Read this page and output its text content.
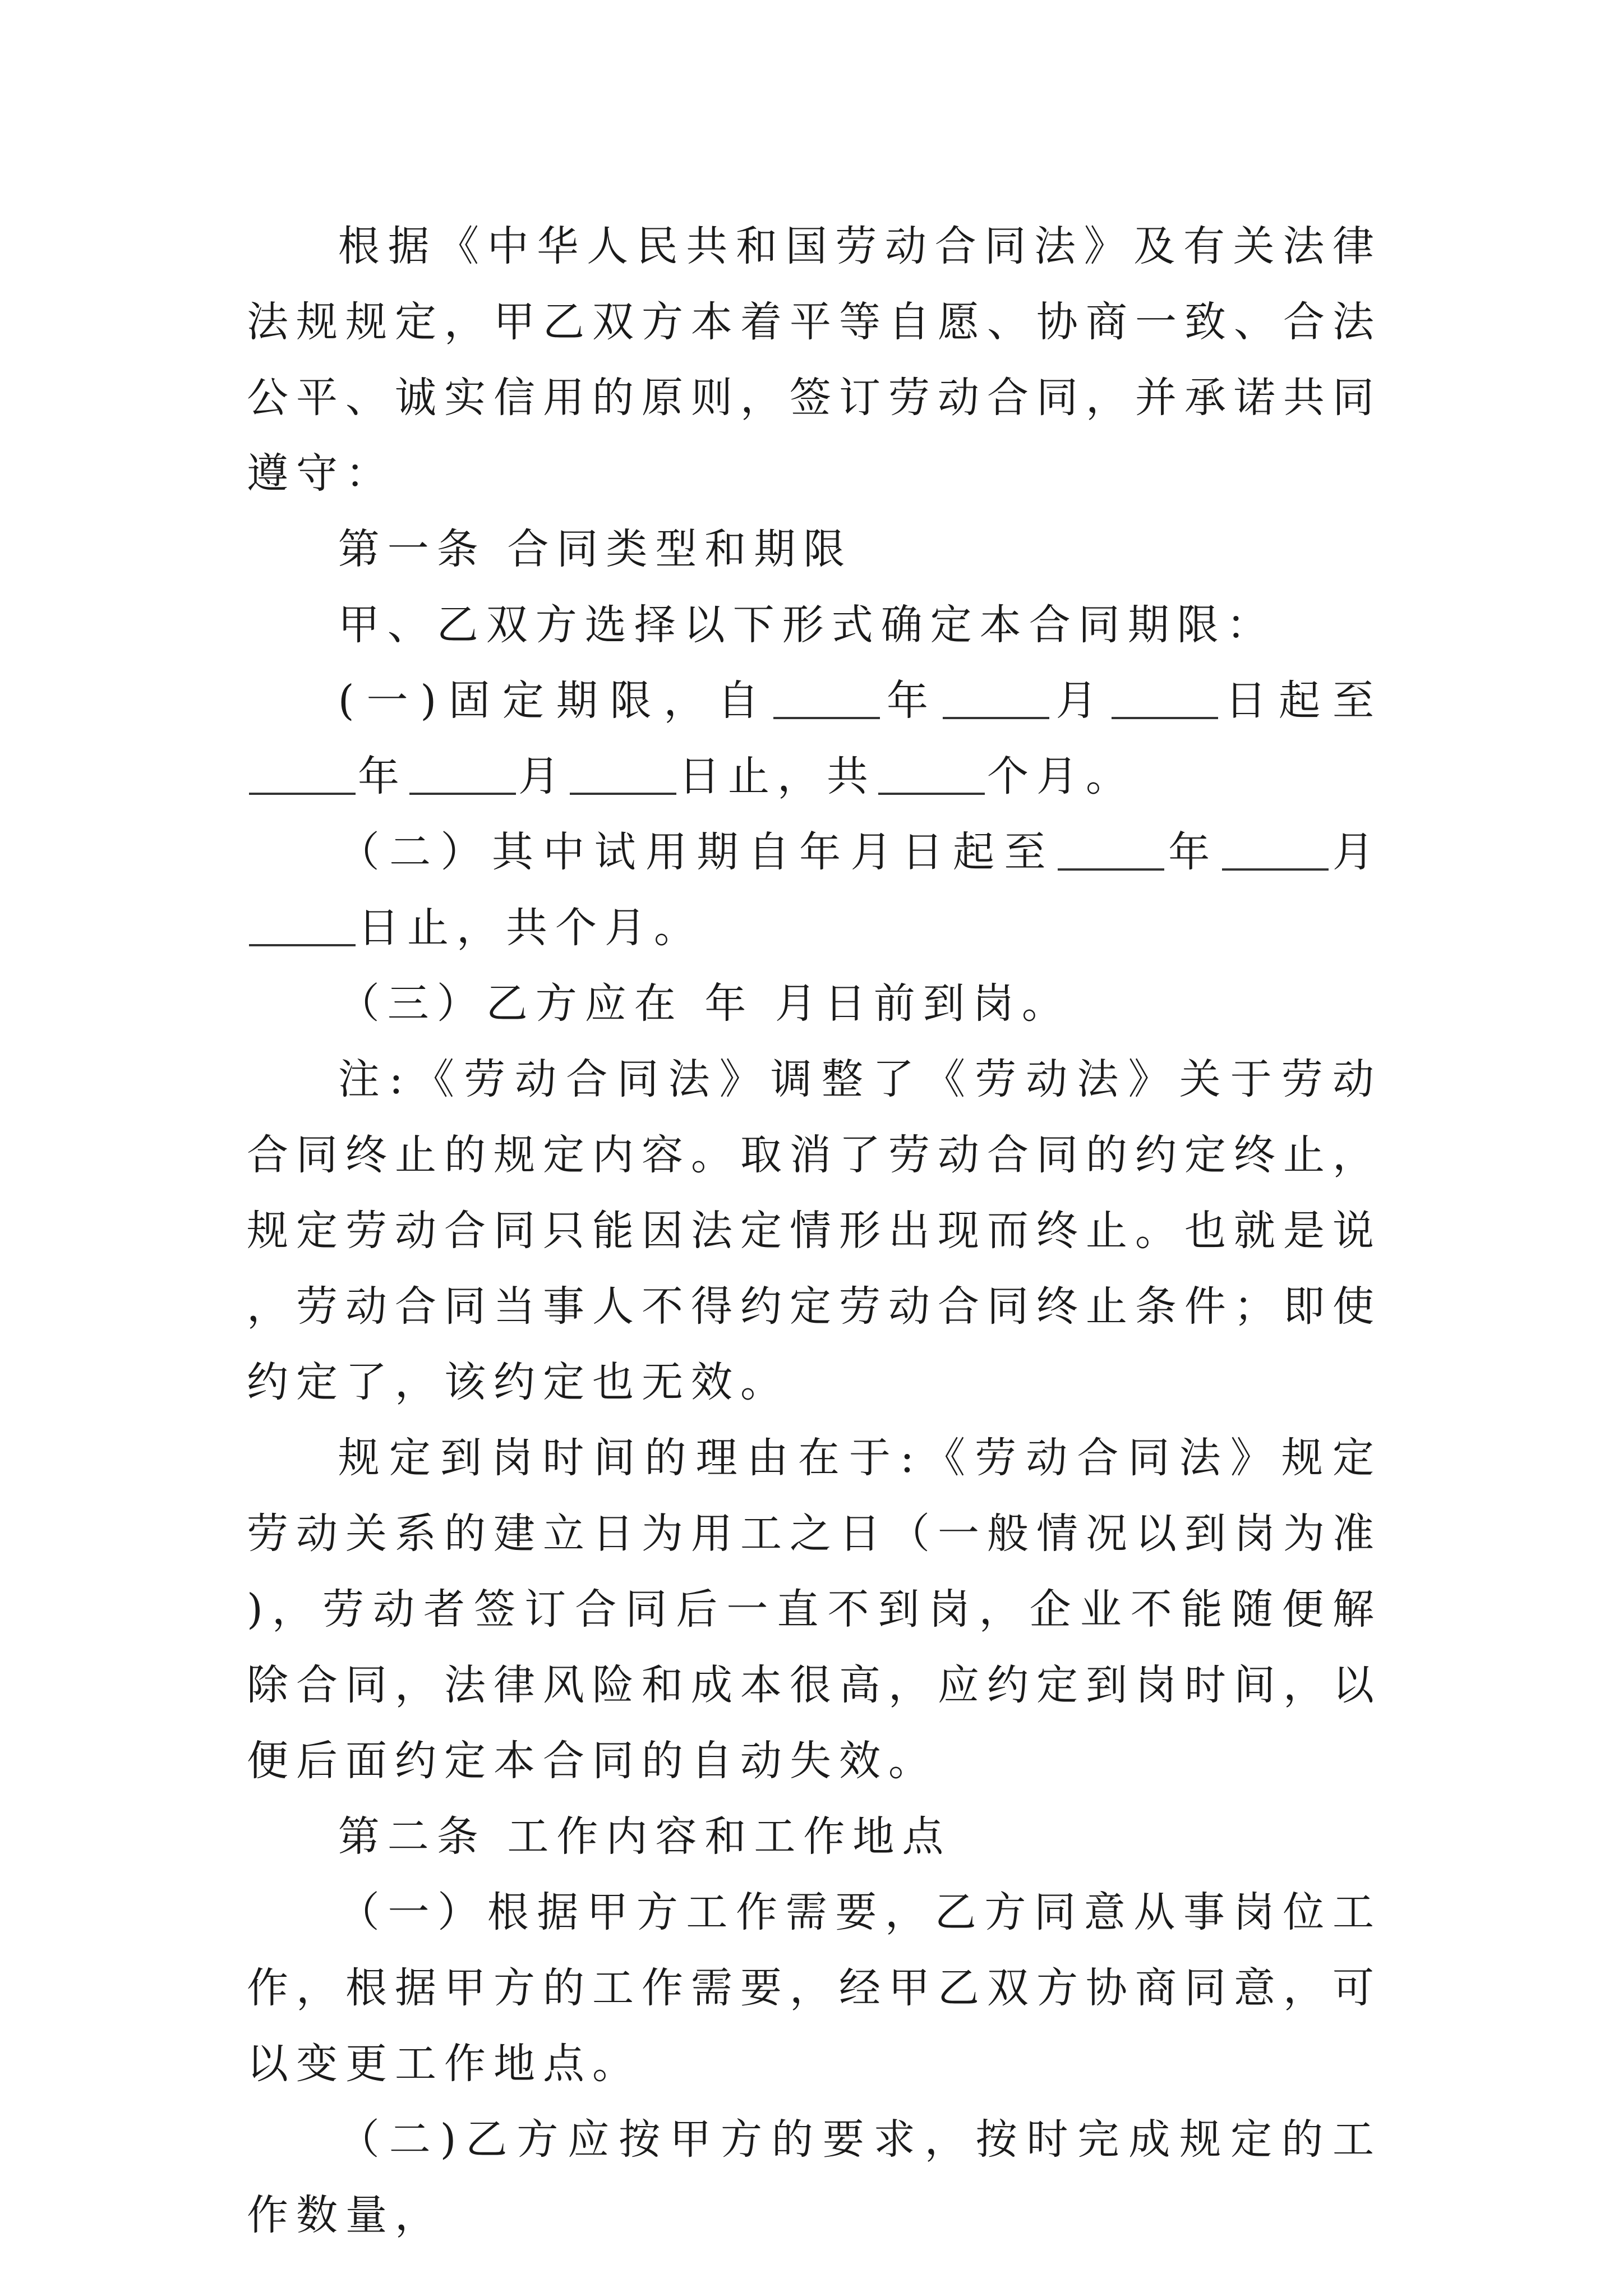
根据《中华人民共和国劳动合同法》及有关法律法规规定，甲乙双方本着平等自愿、协商一致、合法公平、诚实信用的原则，签订劳动合同，并承诺共同遵守：

第一条 合同类型和期限

甲、乙双方选择以下形式确定本合同期限：

(一)固定期限，自	年	月	日起至年	月	日止，共	个月。

（二）其中试用期自年月日起至	年	月日止，共个月。

（三）乙方应在 年 月日前到岗。

注:《劳动合同法》调整了《劳动法》关于劳动合同终止的规定内容。取消了劳动合同的约定终止，规定劳动合同只能因法定情形出现而终止。也就是说，劳动合同当事人不得约定劳动合同终止条件；即使约定了，该约定也无效。

规定到岗时间的理由在于:《劳动合同法》规定劳动关系的建立日为用工之日（一般情况以到岗为准)，劳动者签订合同后一直不到岗，企业不能随便解除合同，法律风险和成本很高，应约定到岗时间，以便后面约定本合同的自动失效。

第二条 工作内容和工作地点

（一）根据甲方工作需要，乙方同意从事岗位工作，根据甲方的工作需要，经甲乙双方协商同意，可以变更工作地点。

（二)乙方应按甲方的要求，按时完成规定的工作数量，
